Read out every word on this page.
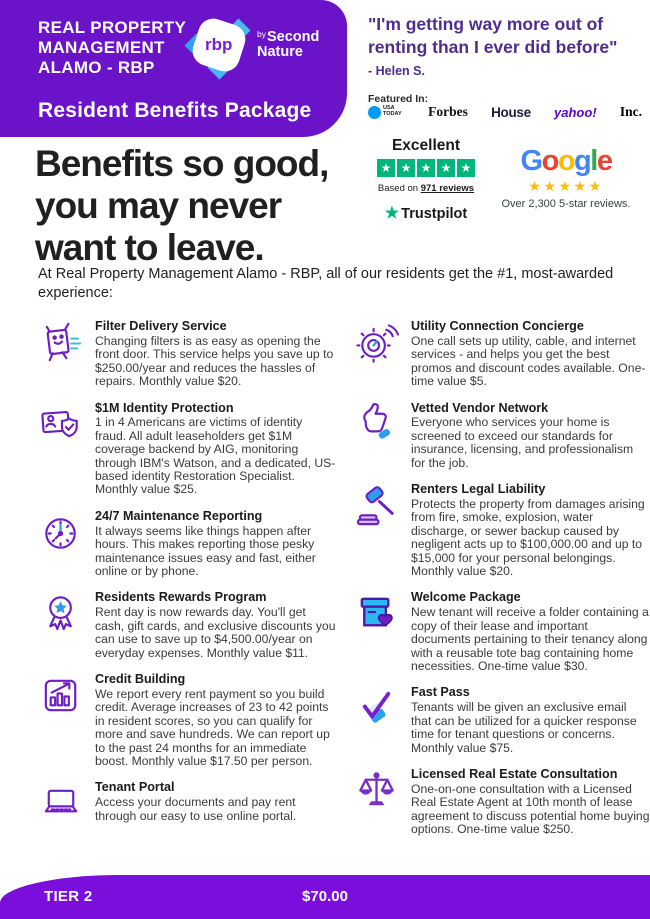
REAL PROPERTY MANAGEMENT ALAMO - RBP
rbp
$^{by}$Second
Nature
Resident Benefits Package
"I'm getting way more out of renting than I ever did before"
- Helen S.
Featured In:
USA TODAY Forbes House yahoo! Inc.
Excellent
★
★
★
★
★
Based on 971 reviews
★ Trustpilot
Google
★★★★★
Over 2,300 5-star reviews.
Benefits so good,
you may never
want to leave.
At Real Property Management Alamo - RBP, all of our residents get the #1, most-awarded experience:
Filter Delivery Service
Changing filters is as easy as opening the front door. This service helps you save up to $250.00/year and reduces the hassles of repairs. Monthly value $20.
$1M Identity Protection
1 in 4 Americans are victims of identity fraud. All adult leaseholders get $1M coverage backend by AIG, monitoring through IBM's Watson, and a dedicated, US-based identity Restoration Specialist. Monthly value $25.
24/7 Maintenance Reporting
It always seems like things happen after hours. This makes reporting those pesky maintenance issues easy and fast, either online or by phone.
Residents Rewards Program
Rent day is now rewards day. You'll get cash, gift cards, and exclusive discounts you can use to save up to $4,500.00/year on everyday expenses. Monthly value $11.
Credit Building
We report every rent payment so you build credit. Average increases of 23 to 42 points in resident scores, so you can qualify for more and save hundreds. We can report up to the past 24 months for an immediate boost. Monthly value $17.50 per person.
Tenant Portal
Access your documents and pay rent through our easy to use online portal.
Utility Connection Concierge
One call sets up utility, cable, and internet services - and helps you get the best promos and discount codes available. One-time value $5.
Vetted Vendor Network
Everyone who services your home is screened to exceed our standards for insurance, licensing, and professionalism for the job.
Renters Legal Liability
Protects the property from damages arising from fire, smoke, explosion, water discharge, or sewer backup caused by negligent acts up to $100,000.00 and up to $15,000 for your personal belongings. Monthly value $20.
Welcome Package
New tenant will receive a folder containing a copy of their lease and important documents pertaining to their tenancy along with a reusable tote bag containing home necessities. One-time value $30.
Fast Pass
Tenants will be given an exclusive email that can be utilized for a quicker response time for tenant questions or concerns. Monthly value $75.
Licensed Real Estate Consultation
One-on-one consultation with a Licensed Real Estate Agent at 10th month of lease agreement to discuss potential home buying options. One-time value $250.
TIER 2	$70.00
